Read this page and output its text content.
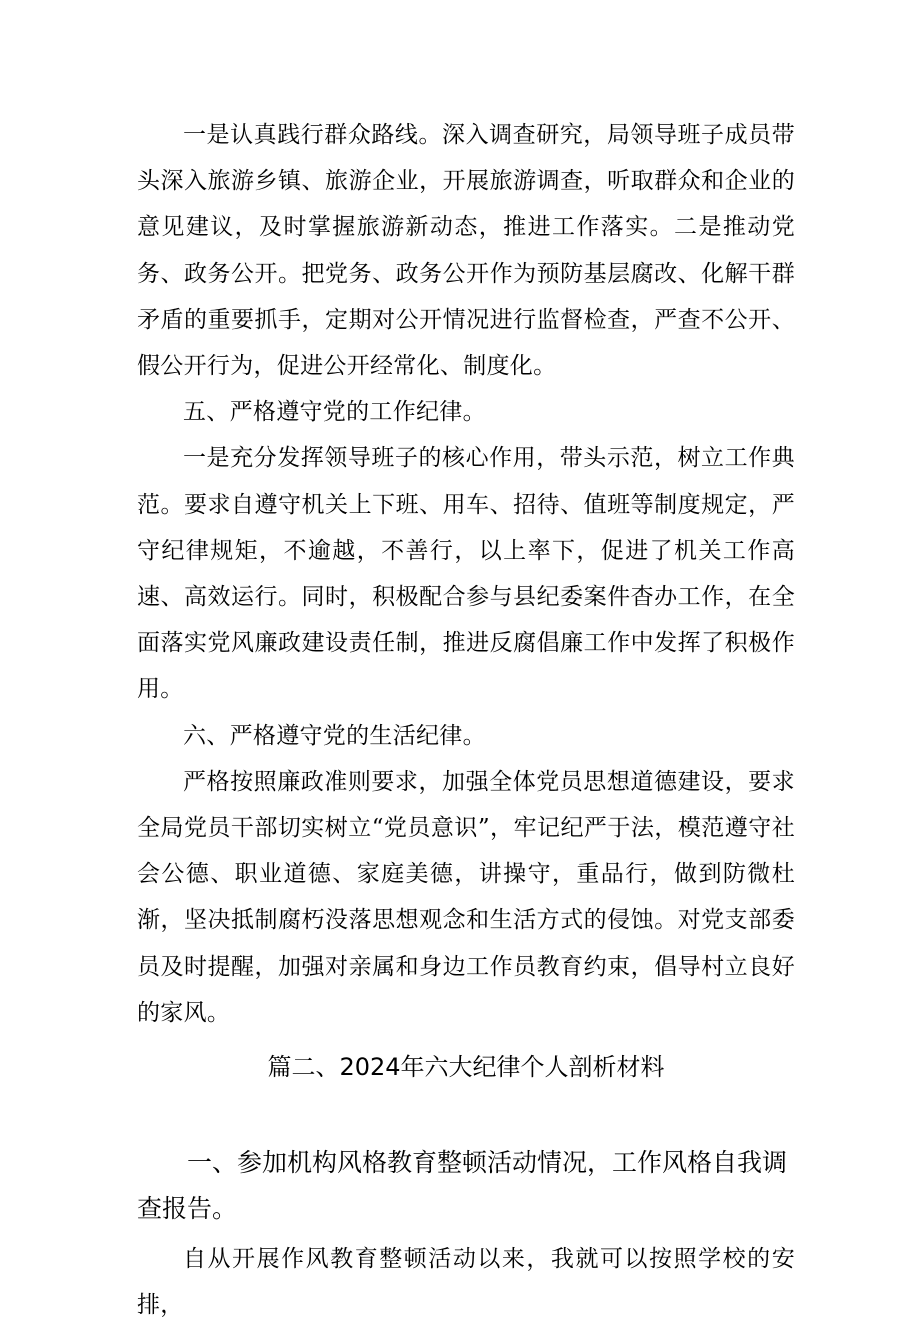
一是认真践行群众路线。深入调查研究，局领导班子成员带头深入旅游乡镇、旅游企业，开展旅游调查，听取群众和企业的意见建议，及时掌握旅游新动态，推进工作落实。二是推动党务、政务公开。把党务、政务公开作为预防基层腐改、化解干群矛盾的重要抓手，定期对公开情况进行监督检查，严查不公开、假公开行为，促进公开经常化、制度化。

五、严格遵守党的工作纪律。

一是充分发挥领导班子的核心作用，带头示范，树立工作典范。要求自遵守机关上下班、用车、招待、值班等制度规定，严守纪律规矩，不逾越，不善行，以上率下，促进了机关工作高速、高效运行。同时，积极配合参与县纪委案件杳办工作，在全面落实党风廉政建设责任制，推进反腐倡廉工作中发挥了积极作用。

六、严格遵守党的生活纪律。

严格按照廉政准则要求，加强全体党员思想道德建设，要求全局党员干部切实树立“党员意识”，牢记纪严于法，模范遵守社会公德、职业道德、家庭美德，讲操守，重品行，做到防微杜渐，坚决抵制腐朽没落思想观念和生活方式的侵蚀。对党支部委员及时提醒，加强对亲属和身边工作员教育约束，倡导村立良好的家风。

篇二、2024年六大纪律个人剖析材料

一、参加机构风格教育整顿活动情况，工作风格自我调查报告。

自从开展作风教育整顿活动以来，我就可以按照学校的安排，
